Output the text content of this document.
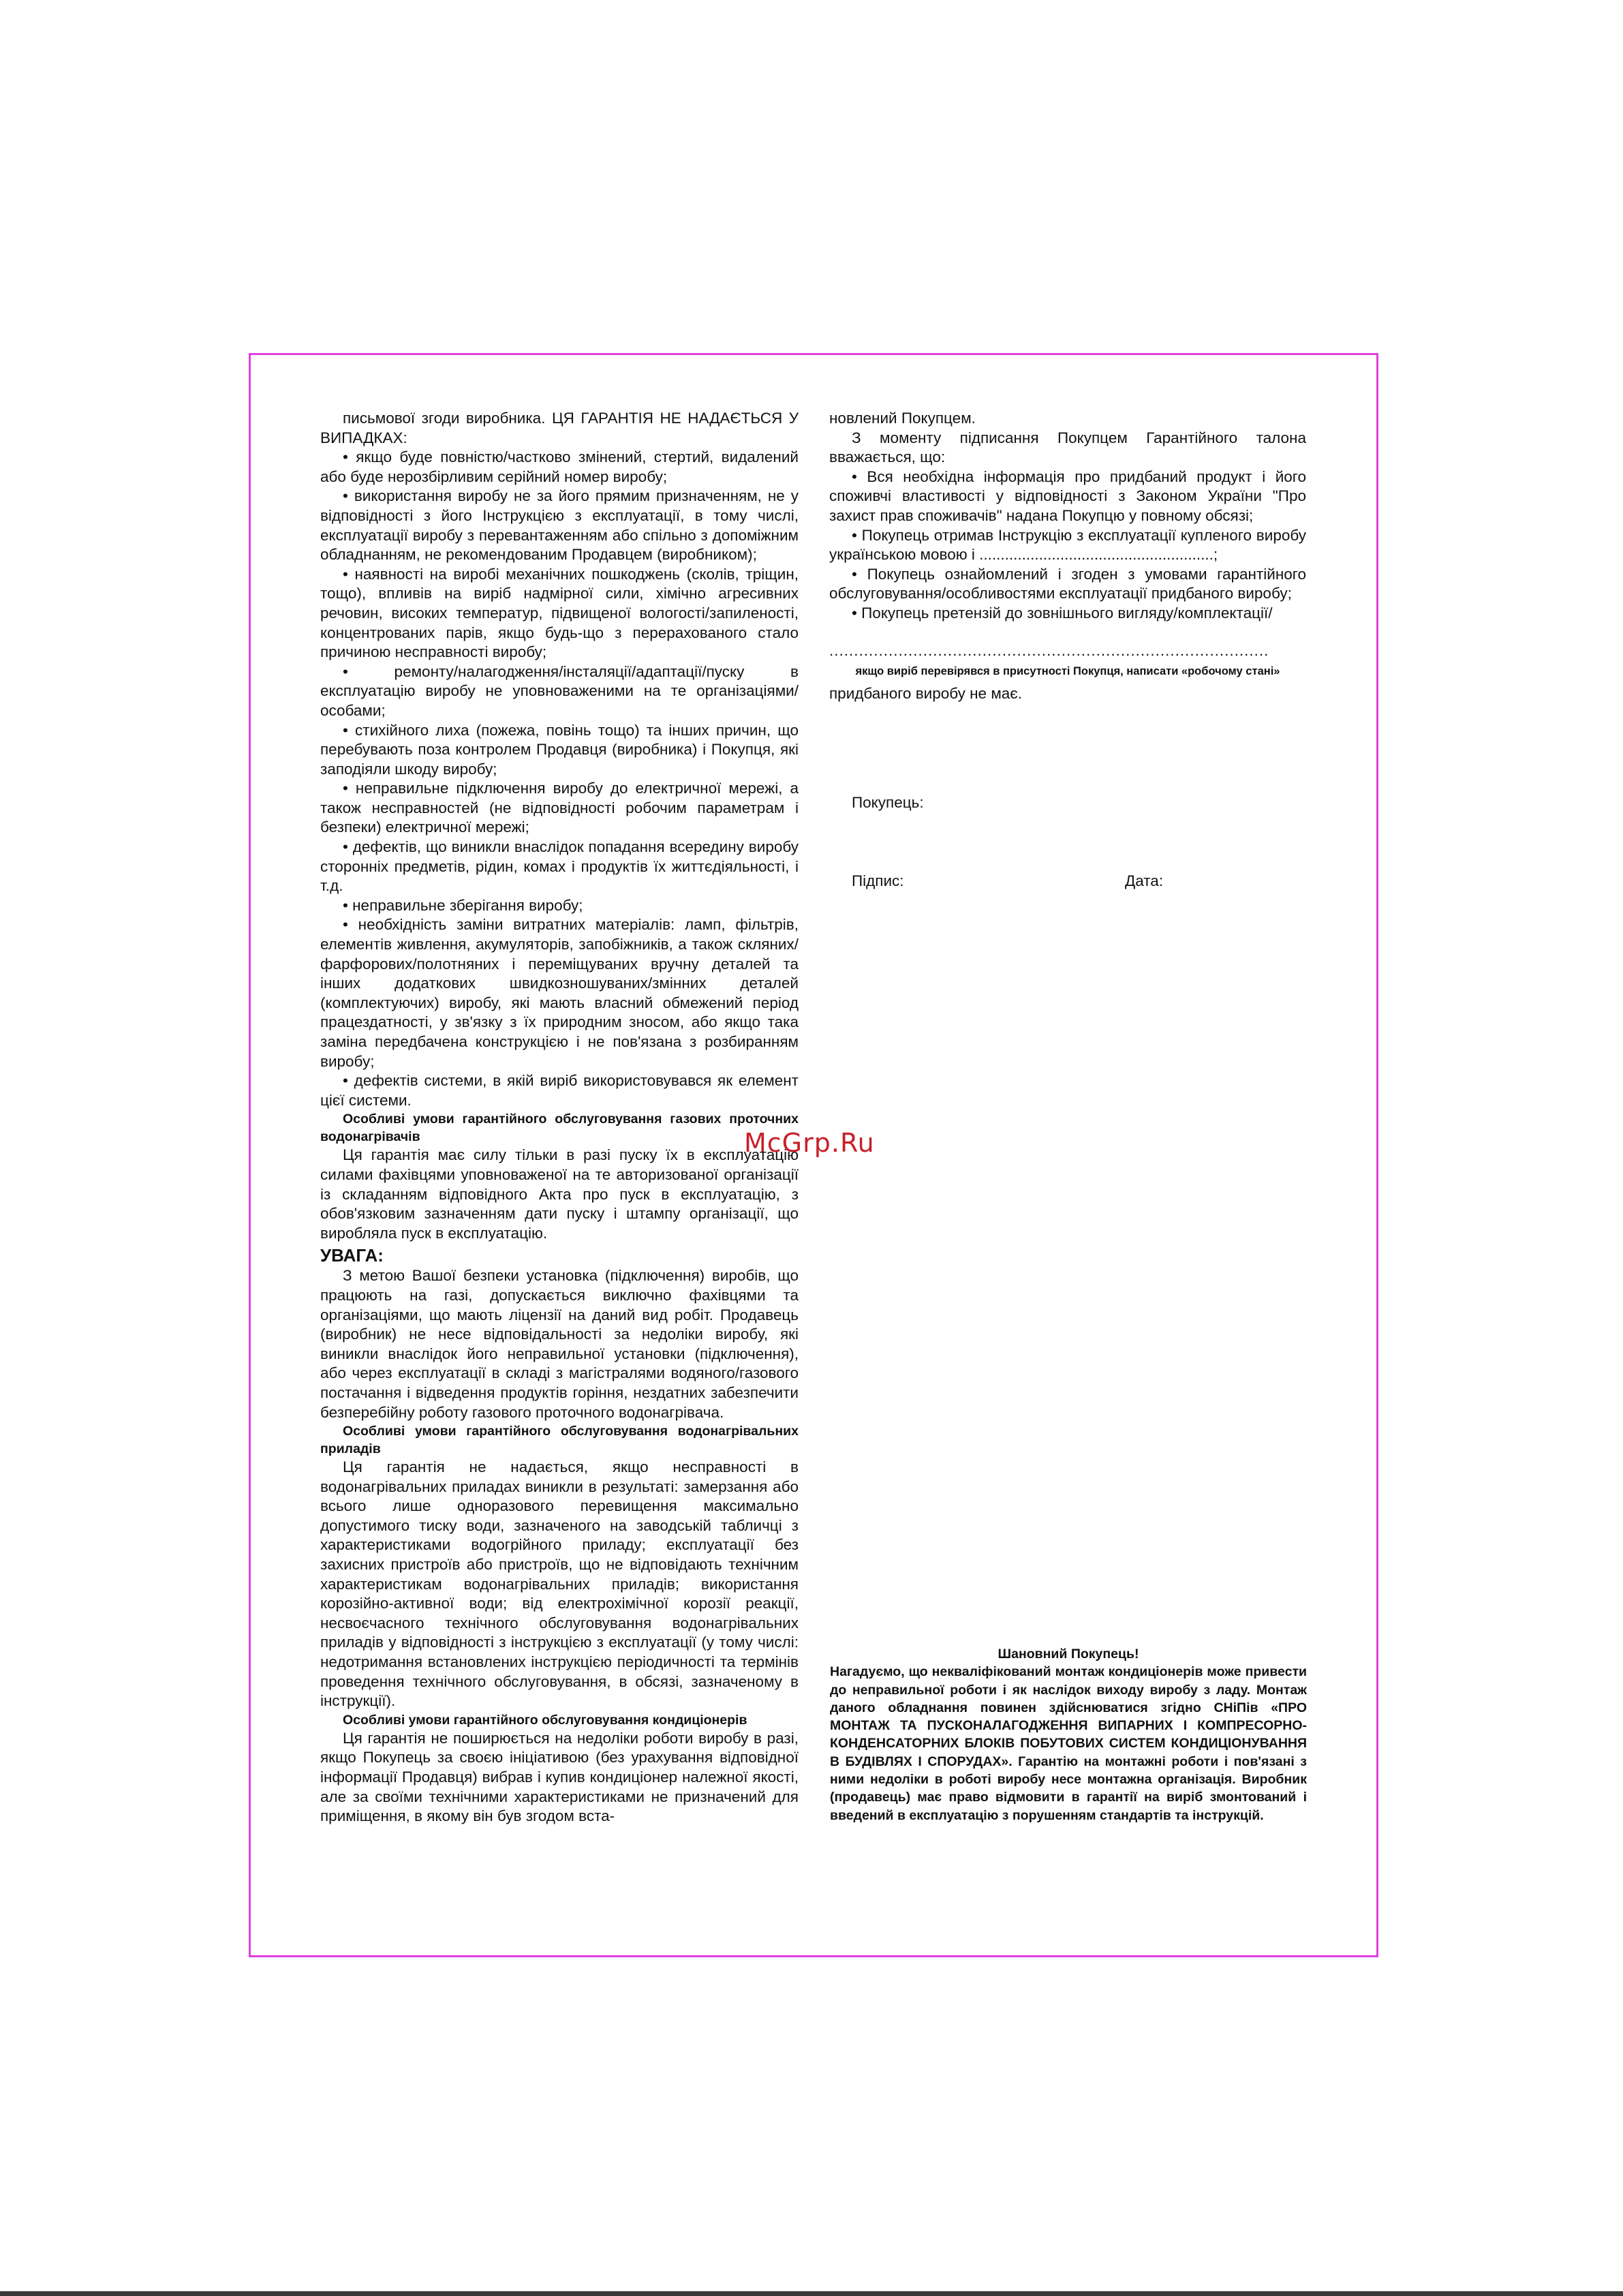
письмової згоди виробника. ЦЯ ГАРАНТІЯ НЕ НАДАЄТЬСЯ У ВИПАДКАХ:

• якщо буде повністю/частково змінений, стертий, видалений або буде нерозбірливим серійний номер виробу;

• використання виробу не за його прямим призначенням, не у відповідності з його Інструкцією з експлуатації, в тому числі, експлуатації виробу з перевантаженням або спільно з допоміжним обладнанням, не рекомендованим Продавцем (виробником);

• наявності на виробі механічних пошкоджень (сколів, тріщин, тощо), впливів на виріб надмірної сили, хімічно агресивних речовин, високих температур, підвищеної вологості/запиленості, концентрованих парів, якщо будь-що з перерахованого стало причиною несправності виробу;

• ремонту/налагодження/інсталяції/адаптації/пуску в експлуатацію виробу не уповноваженими на те організаціями/особами;

• стихійного лиха (пожежа, повінь тощо) та інших причин, що перебувають поза контролем Продавця (виробника) і Покупця, які заподіяли шкоду виробу;

• неправильне підключення виробу до електричної мережі, а також несправностей (не відповідності робочим параметрам і безпеки) електричної мережі;

• дефектів, що виникли внаслідок попадання всередину виробу сторонніх предметів, рідин, комах і продуктів їх життєдіяльності, і т.д.

• неправильне зберігання виробу;

• необхідність заміни витратних матеріалів: ламп, фільтрів, елементів живлення, акумуляторів, запобіжників, а також скляних/фарфорових/полотняних і переміщуваних вручну деталей та інших додаткових швидкозношуваних/змінних деталей (комплектуючих) виробу, які мають власний обмежений період працездатності, у зв'язку з їх природним зносом, або якщо така заміна передбачена конструкцією і не пов'язана з розбиранням виробу;

• дефектів системи, в якій виріб використовувався як елемент цієї системи.

Особливі умови гарантійного обслуговування газових проточних водонагрівачів

Ця гарантія має силу тільки в разі пуску їх в експлуатацію силами фахівцями уповноваженої на те авторизованої організації із складанням відповідного Акта про пуск в експлуатацію, з обов'язковим зазначенням дати пуску і штампу організації, що виробляла пуск в експлуатацію.

УВАГА:

З метою Вашої безпеки установка (підключення) виробів, що працюють на газі, допускається виключно фахівцями та організаціями, що мають ліцензії на даний вид робіт. Продавець (виробник) не несе відповідальності за недоліки виробу, які виникли внаслідок його неправильної установки (підключення), або через експлуатації в складі з магістралями водяного/газового постачання і відведення продуктів горіння, нездатних забезпечити безперебійну роботу газового проточного водонагрівача.

Особливі умови гарантійного обслуговування водонагрівальних приладів

Ця гарантія не надається, якщо несправності в водонагрівальних приладах виникли в результаті: замерзання або всього лише одноразового перевищення максимально допустимого тиску води, зазначеного на заводській табличці з характеристиками водогрійного приладу; експлуатації без захисних пристроїв або пристроїв, що не відповідають технічним характеристикам водонагрівальних приладів; використання корозійно-активної води; від електрохімічної корозії реакції, несвоєчасного технічного обслуговування водонагрівальних приладів у відповідності з інструкцією з експлуатації (у тому числі: недотримання встановлених інструкцією періодичності та термінів проведення технічного обслуговування, в обсязі, зазначеному в інструкції).

Особливі умови гарантійного обслуговування кондиціонерів

Ця гарантія не поширюється на недоліки роботи виробу в разі, якщо Покупець за своєю ініціативою (без урахування відповідної інформації Продавця) вибрав і купив кондиціонер належної якості, але за своїми технічними характеристиками не призначений для приміщення, в якому він був згодом вста-

новлений Покупцем.

З моменту підписання Покупцем Гарантійного талона вважається, що:

• Вся необхідна інформація про придбаний продукт і його споживчі властивості у відповідності з Законом України "Про захист прав споживачів" надана Покупцю у повному обсязі;

• Покупець отримав Інструкцію з експлуатації купленого виробу українською мовою і .......................................................;

• Покупець ознайомлений і згоден з умовами гарантійного обслуговування/особливостями експлуатації придбаного виробу;

• Покупець претензій до зовнішнього вигляду/комплектації/

.........................................................................................

якщо виріб перевірявся в присутності Покупця, написати «робочому стані»

придбаного виробу не має.

Покупець:
Підпис:	Дата:
McGrp.Ru
Шановний Покупець!
Нагадуємо, що некваліфікований монтаж кондиціонерів може привести до неправильної роботи і як наслідок виходу виробу з ладу. Монтаж даного обладнання повинен здійснюватися згідно СНіПів «ПРО МОНТАЖ ТА ПУСКОНАЛАГОДЖЕННЯ ВИПАРНИХ І КОМПРЕСОРНО-КОНДЕНСАТОРНИХ БЛОКІВ ПОБУТОВИХ СИСТЕМ КОНДИЦІОНУВАННЯ В БУДІВЛЯХ І СПОРУДАХ». Гарантію на монтажні роботи і пов'язані з ними недоліки в роботі виробу несе монтажна організація. Виробник (продавець) має право відмовити в гарантії на виріб змонтований і введений в експлуатацію з порушенням стандартів та інструкцій.
